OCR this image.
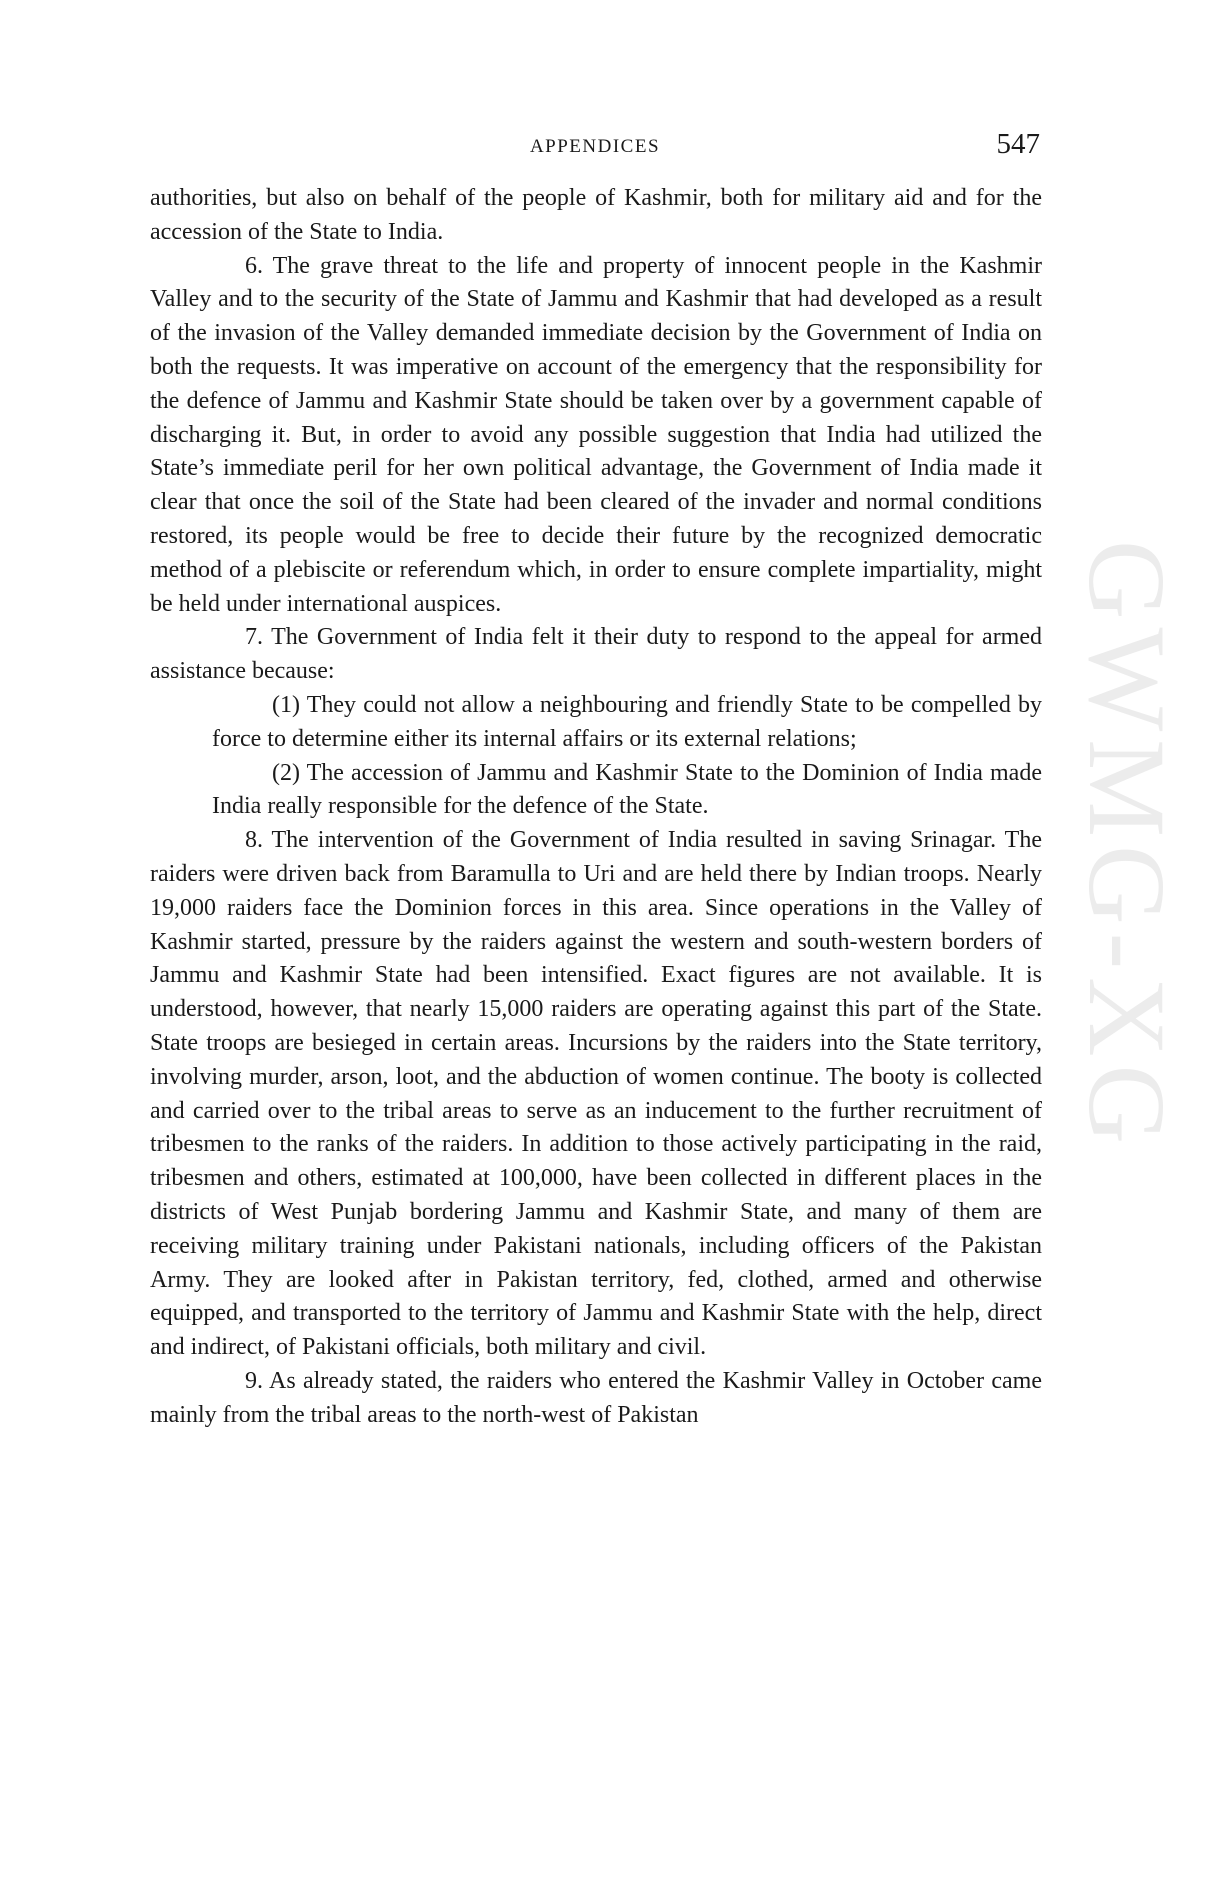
APPENDICES	547

authorities, but also on behalf of the people of Kashmir, both for military aid and for the accession of the State to India.

6. The grave threat to the life and property of innocent people in the Kashmir Valley and to the security of the State of Jammu and Kashmir that had developed as a result of the invasion of the Valley demanded immediate decision by the Government of India on both the requests. It was imperative on account of the emergency that the responsibility for the defence of Jammu and Kashmir State should be taken over by a government capable of discharging it. But, in order to avoid any possible suggestion that India had utilized the State’s immediate peril for her own political advantage, the Government of India made it clear that once the soil of the State had been cleared of the invader and normal conditions restored, its people would be free to decide their future by the recognized democratic method of a plebiscite or referendum which, in order to ensure complete impartiality, might be held under international auspices.

7. The Government of India felt it their duty to respond to the appeal for armed assistance because:

(1) They could not allow a neighbouring and friendly State to be compelled by force to determine either its internal affairs or its external relations;

(2) The accession of Jammu and Kashmir State to the Dominion of India made India really responsible for the defence of the State.

8. The intervention of the Government of India resulted in saving Srinagar. The raiders were driven back from Baramulla to Uri and are held there by Indian troops. Nearly 19,000 raiders face the Dominion forces in this area. Since operations in the Valley of Kashmir started, pressure by the raiders against the western and south-western borders of Jammu and Kashmir State had been intensified. Exact figures are not available. It is understood, however, that nearly 15,000 raiders are operating against this part of the State. State troops are besieged in certain areas. Incursions by the raiders into the State territory, involving murder, arson, loot, and the abduction of women continue. The booty is collected and carried over to the tribal areas to serve as an inducement to the further recruitment of tribesmen to the ranks of the raiders. In addition to those actively participating in the raid, tribesmen and others, estimated at 100,000, have been collected in different places in the districts of West Punjab bordering Jammu and Kashmir State, and many of them are receiving military training under Pakistani nationals, including officers of the Pakistan Army. They are looked after in Pakistan territory, fed, clothed, armed and otherwise equipped, and transported to the territory of Jammu and Kashmir State with the help, direct and indirect, of Pakistani officials, both military and civil.

9. As already stated, the raiders who entered the Kashmir Valley in October came mainly from the tribal areas to the north-west of Pakistan

GWMG-XG
